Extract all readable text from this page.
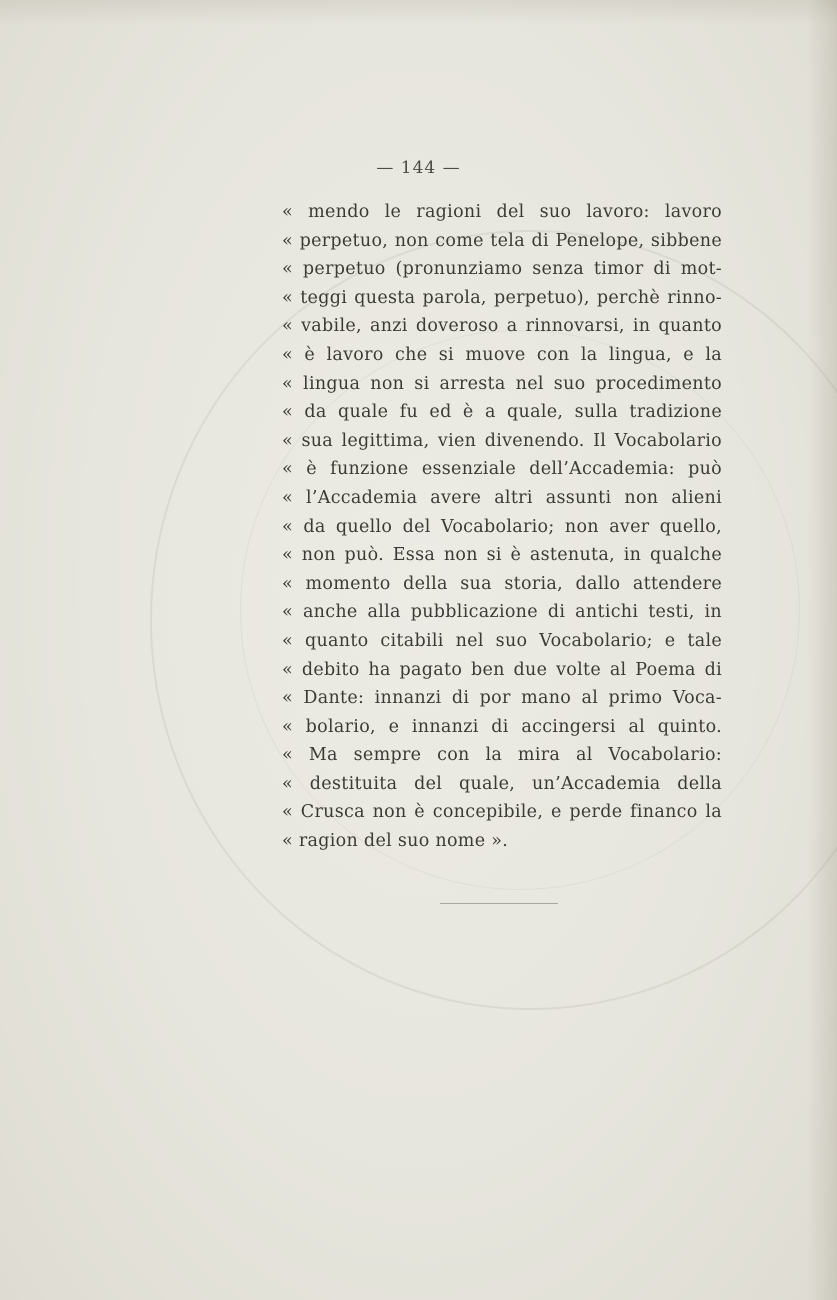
— 144 —
« mendo le ragioni del suo lavoro: lavoro
« perpetuo, non come tela di Penelope, sibbene
« perpetuo (pronunziamo senza timor di mot-
« teggi questa parola, perpetuo), perchè rinno-
« vabile, anzi doveroso a rinnovarsi, in quanto
« è lavoro che si muove con la lingua, e la
« lingua non si arresta nel suo procedimento
« da quale fu ed è a quale, sulla tradizione
« sua legittima, vien divenendo. Il Vocabolario
« è funzione essenziale dell’Accademia: può
« l’Accademia avere altri assunti non alieni
« da quello del Vocabolario; non aver quello,
« non può. Essa non si è astenuta, in qualche
« momento della sua storia, dallo attendere
« anche alla pubblicazione di antichi testi, in
« quanto citabili nel suo Vocabolario; e tale
« debito ha pagato ben due volte al Poema di
« Dante: innanzi di por mano al primo Voca-
« bolario, e innanzi di accingersi al quinto.
« Ma sempre con la mira al Vocabolario:
« destituita del quale, un’Accademia della
« Crusca non è concepibile, e perde financo la
« ragion del suo nome ».
